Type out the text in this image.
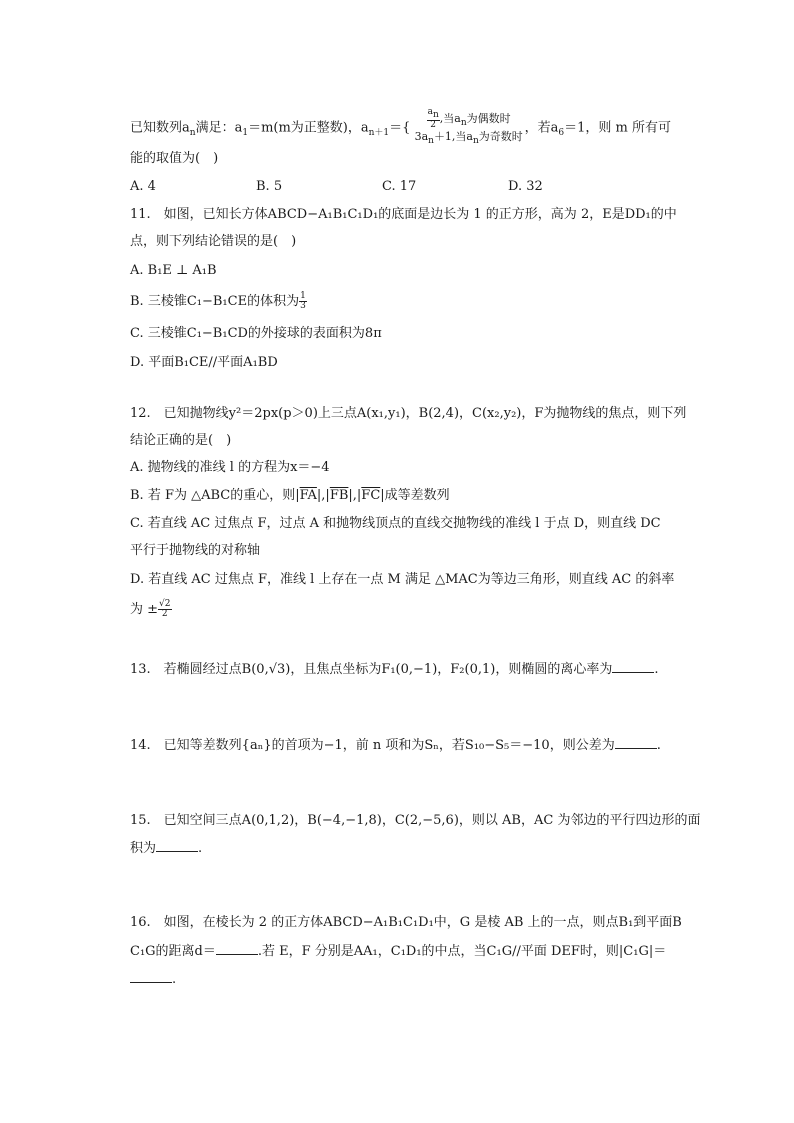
已知数列$a_n$满足：$a_1=m(m$为正整数)，$a_{n+1}=\{ \frac{a_n}{2}$ ,当$a_n$为偶数时
$3a_n+1$,当$a_n$为奇数时
，若$a_6=1$，则 m 所有可
能的取值为(　)
A. 4	B. 5	C. 17	D. 32
11.　如图，已知长方体ABCD−A₁B₁C₁D₁的底面是边长为 1 的正方形，高为 2，E是DD₁的中
点，则下列结论错误的是(　)
A. B₁E ⊥ A₁B
B. 三棱锥C₁−B₁CE的体积为 $\frac{1}{3}$
C. 三棱锥C₁−B₁CD的外接球的表面积为8π
D. 平面B₁CE//平面A₁BD
12.　已知抛物线y²＝2px(p＞0)上三点A(x₁,y₁)，B(2,4)，C(x₂,y₂)，F为抛物线的焦点，则下列
结论正确的是(　)
A. 抛物线的准线 l 的方程为x＝−4
B. 若 F为 △ABC的重心，则$|\overline{FA}|,|\overline{FB}|,|\overline{FC}|$成等差数列
C. 若直线 AC 过焦点 F，过点 A 和抛物线顶点的直线交抛物线的准线 l 于点 D，则直线 DC
平行于抛物线的对称轴
D. 若直线 AC 过焦点 F，准线 l 上存在一点 M 满足 △MAC为等边三角形，则直线 AC 的斜率
为 ± $\frac{√2}{2}$
13.　若椭圆经过点B(0,√3)，且焦点坐标为F₁(0,−1)，F₂(0,1)，则椭圆的离心率为	.
14.　已知等差数列{aₙ}的首项为−1，前 n 项和为Sₙ，若S₁₀−S₅＝−10，则公差为	.
15.　已知空间三点A(0,1,2)，B(−4,−1,8)，C(2,−5,6)，则以 AB，AC 为邻边的平行四边形的面
积为	.
16.　如图，在棱长为 2 的正方体ABCD−A₁B₁C₁D₁中，G 是棱 AB 上的一点，则点B₁到平面B
C₁G的距离d＝	.若 E，F 分别是AA₁，C₁D₁的中点，当C₁G//平面 DEF时，则|C₁G|＝
.
